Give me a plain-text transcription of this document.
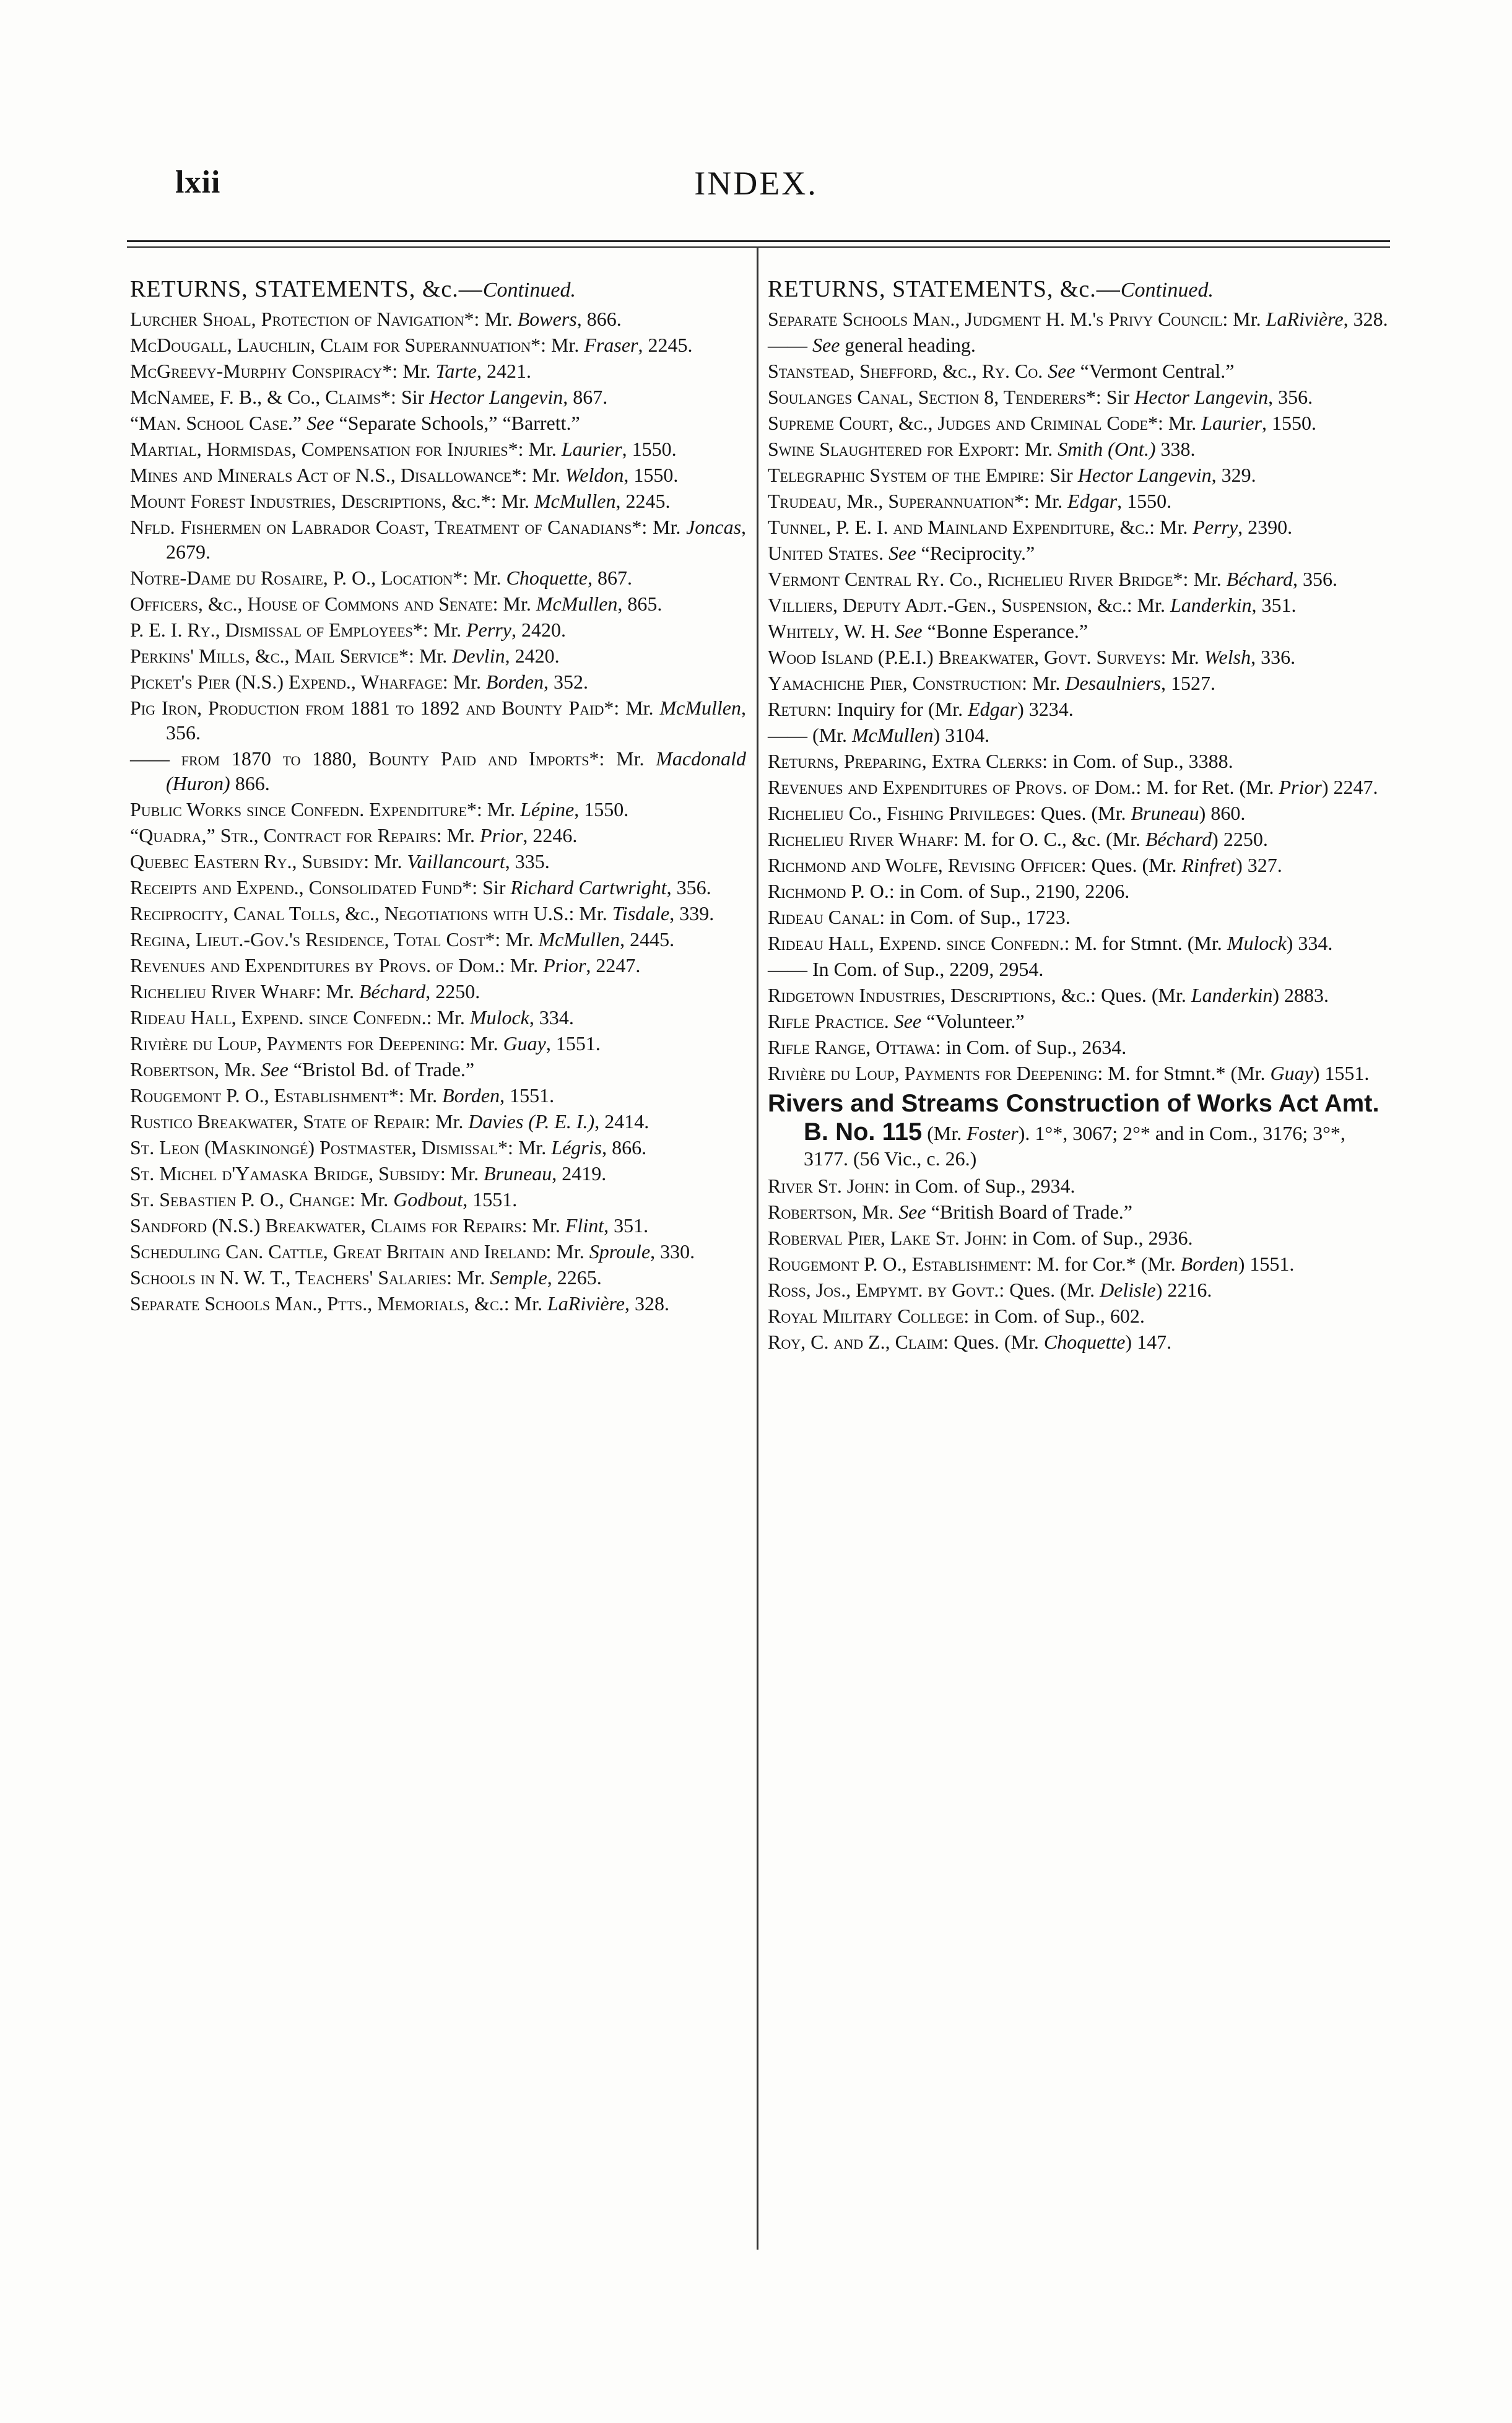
lxii	INDEX.
RETURNS, STATEMENTS, &c.—Continued.

Lurcher Shoal, Protection of Navigation*: Mr. Bowers, 866.

McDougall, Lauchlin, Claim for Superannuation*: Mr. Fraser, 2245.

McGreevy-Murphy Conspiracy*: Mr. Tarte, 2421.

McNamee, F. B., & Co., Claims*: Sir Hector Langevin, 867.

“Man. School Case.” See “Separate Schools,” “Barrett.”

Martial, Hormisdas, Compensation for Injuries*: Mr. Laurier, 1550.

Mines and Minerals Act of N.S., Disallowance*: Mr. Weldon, 1550.

Mount Forest Industries, Descriptions, &c.*: Mr. McMullen, 2245.

Nfld. Fishermen on Labrador Coast, Treatment of Canadians*: Mr. Joncas, 2679.

Notre-Dame du Rosaire, P. O., Location*: Mr. Choquette, 867.

Officers, &c., House of Commons and Senate: Mr. McMullen, 865.

P. E. I. Ry., Dismissal of Employees*: Mr. Perry, 2420.

Perkins' Mills, &c., Mail Service*: Mr. Devlin, 2420.

Picket's Pier (N.S.) Expend., Wharfage: Mr. Borden, 352.

Pig Iron, Production from 1881 to 1892 and Bounty Paid*: Mr. McMullen, 356.

—— from 1870 to 1880, Bounty Paid and Imports*: Mr. Macdonald (Huron) 866.

Public Works since Confedn. Expenditure*: Mr. Lépine, 1550.

“Quadra,” Str., Contract for Repairs: Mr. Prior, 2246.

Quebec Eastern Ry., Subsidy: Mr. Vaillancourt, 335.

Receipts and Expend., Consolidated Fund*: Sir Richard Cartwright, 356.

Reciprocity, Canal Tolls, &c., Negotiations with U.S.: Mr. Tisdale, 339.

Regina, Lieut.-Gov.'s Residence, Total Cost*: Mr. McMullen, 2445.

Revenues and Expenditures by Provs. of Dom.: Mr. Prior, 2247.

Richelieu River Wharf: Mr. Béchard, 2250.

Rideau Hall, Expend. since Confedn.: Mr. Mulock, 334.

Rivière du Loup, Payments for Deepening: Mr. Guay, 1551.

Robertson, Mr. See “Bristol Bd. of Trade.”

Rougemont P. O., Establishment*: Mr. Borden, 1551.

Rustico Breakwater, State of Repair: Mr. Davies (P. E. I.), 2414.

St. Leon (Maskinongé) Postmaster, Dismissal*: Mr. Légris, 866.

St. Michel d'Yamaska Bridge, Subsidy: Mr. Bruneau, 2419.

St. Sebastien P. O., Change: Mr. Godbout, 1551.

Sandford (N.S.) Breakwater, Claims for Repairs: Mr. Flint, 351.

Scheduling Can. Cattle, Great Britain and Ireland: Mr. Sproule, 330.

Schools in N. W. T., Teachers' Salaries: Mr. Semple, 2265.

Separate Schools Man., Ptts., Memorials, &c.: Mr. LaRivière, 328.

RETURNS, STATEMENTS, &c.—Continued.

Separate Schools Man., Judgment H. M.'s Privy Council: Mr. LaRivière, 328.

—— See general heading.

Stanstead, Shefford, &c., Ry. Co. See “Vermont Central.”

Soulanges Canal, Section 8, Tenderers*: Sir Hector Langevin, 356.

Supreme Court, &c., Judges and Criminal Code*: Mr. Laurier, 1550.

Swine Slaughtered for Export: Mr. Smith (Ont.) 338.

Telegraphic System of the Empire: Sir Hector Langevin, 329.

Trudeau, Mr., Superannuation*: Mr. Edgar, 1550.

Tunnel, P. E. I. and Mainland Expenditure, &c.: Mr. Perry, 2390.

United States. See “Reciprocity.”

Vermont Central Ry. Co., Richelieu River Bridge*: Mr. Béchard, 356.

Villiers, Deputy Adjt.-Gen., Suspension, &c.: Mr. Landerkin, 351.

Whitely, W. H. See “Bonne Esperance.”

Wood Island (P.E.I.) Breakwater, Govt. Surveys: Mr. Welsh, 336.

Yamachiche Pier, Construction: Mr. Desaulniers, 1527.

Return: Inquiry for (Mr. Edgar) 3234.

—— (Mr. McMullen) 3104.

Returns, Preparing, Extra Clerks: in Com. of Sup., 3388.

Revenues and Expenditures of Provs. of Dom.: M. for Ret. (Mr. Prior) 2247.

Richelieu Co., Fishing Privileges: Ques. (Mr. Bruneau) 860.

Richelieu River Wharf: M. for O. C., &c. (Mr. Béchard) 2250.

Richmond and Wolfe, Revising Officer: Ques. (Mr. Rinfret) 327.

Richmond P. O.: in Com. of Sup., 2190, 2206.

Rideau Canal: in Com. of Sup., 1723.

Rideau Hall, Expend. since Confedn.: M. for Stmnt. (Mr. Mulock) 334.

—— In Com. of Sup., 2209, 2954.

Ridgetown Industries, Descriptions, &c.: Ques. (Mr. Landerkin) 2883.

Rifle Practice. See “Volunteer.”

Rifle Range, Ottawa: in Com. of Sup., 2634.

Rivière du Loup, Payments for Deepening: M. for Stmnt.* (Mr. Guay) 1551.

Rivers and Streams Construction of Works Act Amt. B. No. 115 (Mr. Foster). 1°*, 3067; 2°* and in Com., 3176; 3°*, 3177. (56 Vic., c. 26.)

River St. John: in Com. of Sup., 2934.

Robertson, Mr. See “British Board of Trade.”

Roberval Pier, Lake St. John: in Com. of Sup., 2936.

Rougemont P. O., Establishment: M. for Cor.* (Mr. Borden) 1551.

Ross, Jos., Empymt. by Govt.: Ques. (Mr. Delisle) 2216.

Royal Military College: in Com. of Sup., 602.

Roy, C. and Z., Claim: Ques. (Mr. Choquette) 147.
